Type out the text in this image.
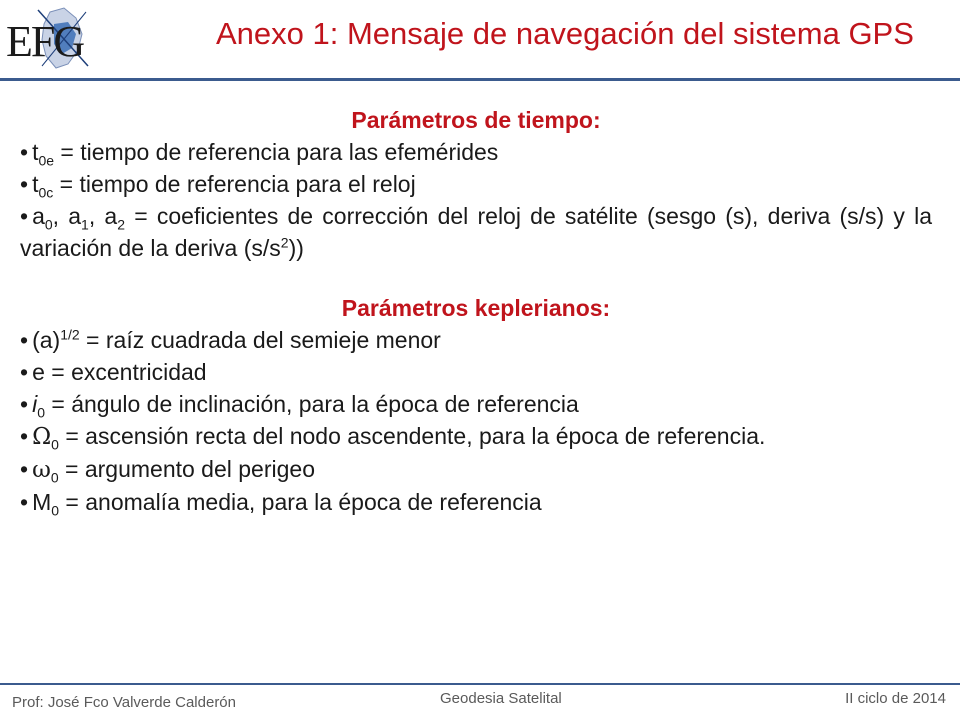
EFG	Anexo 1: Mensaje de navegación del sistema GPS
Parámetros de tiempo:
• $t_{0e}$ = tiempo de referencia para las efemérides
• $t_{0c}$ = tiempo de referencia para el reloj
• $a_0$, $a_1$, $a_2$ = coeficientes de corrección del reloj de satélite (sesgo (s), deriva (s/s) y la variación de la deriva $(s/s^2)$)
Parámetros keplerianos:
• $(a)^{1/2}$ = raíz cuadrada del semieje menor
• e = excentricidad
• $i_0$ = ángulo de inclinación, para la época de referencia
• $\Omega_0$ = ascensión recta del nodo ascendente, para la época de referencia.
• $\omega_0$ = argumento del perigeo
• $M_0$ = anomalía media, para la época de referencia
Prof: José Fco Valverde Calderón	Geodesia Satelital	II ciclo de 2014
